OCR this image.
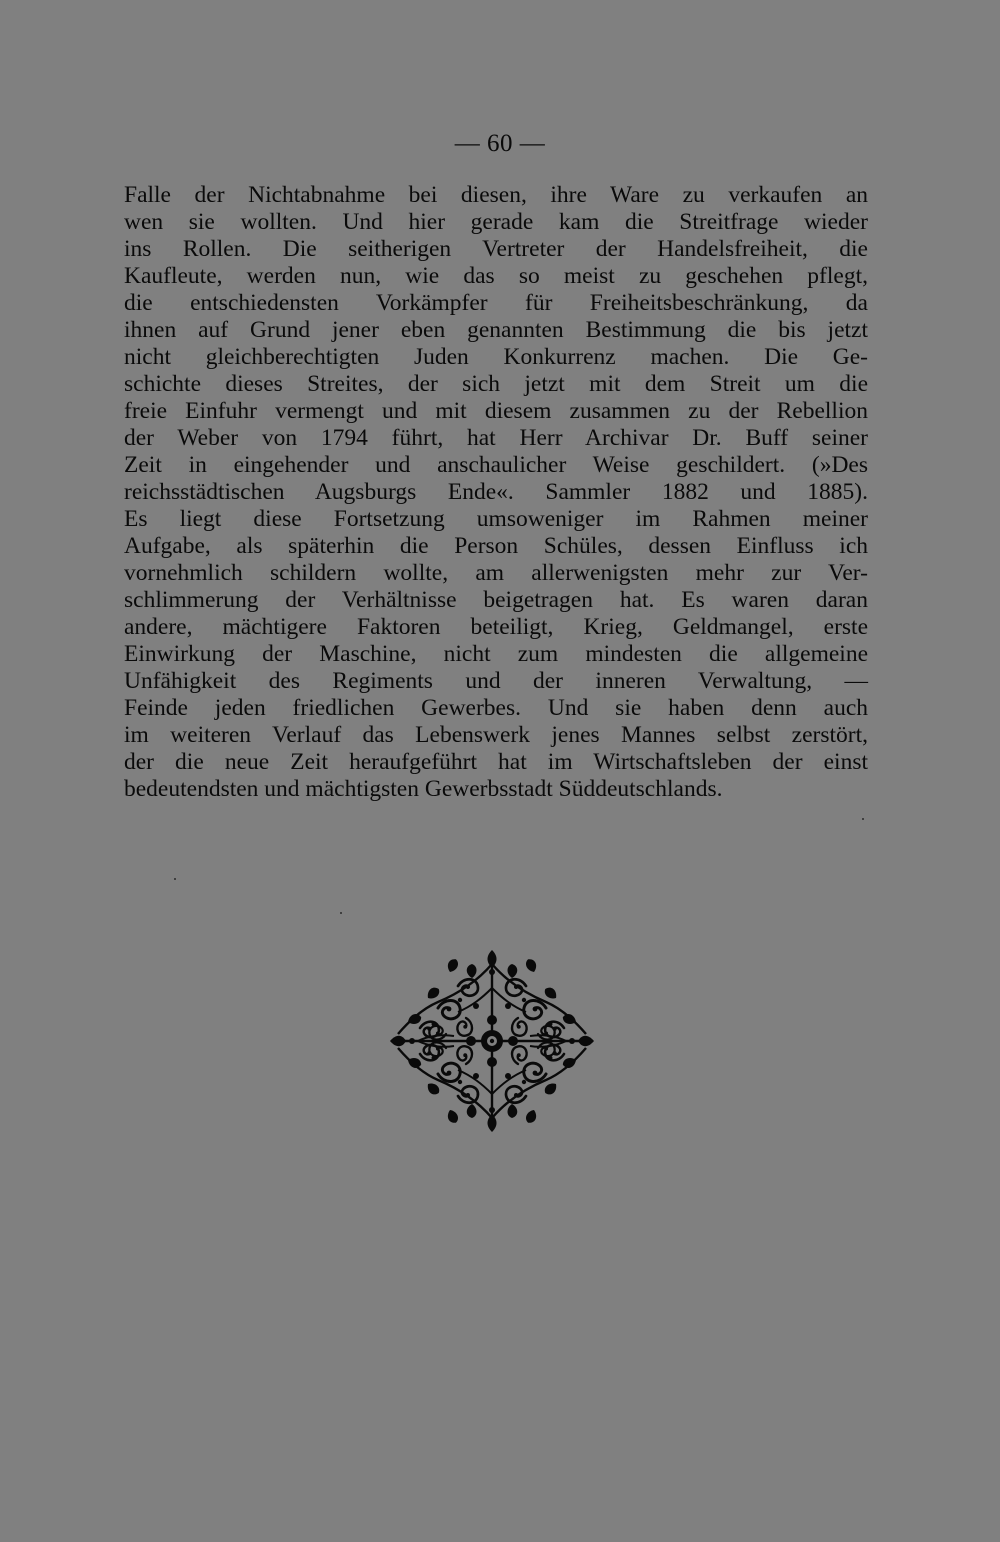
— 60 —
Falle der Nichtabnahme bei diesen, ihre Ware zu verkaufen an
wen sie wollten. Und hier gerade kam die Streitfrage wieder
ins Rollen. Die seitherigen Vertreter der Handelsfreiheit, die
Kaufleute, werden nun, wie das so meist zu geschehen pflegt,
die entschiedensten Vorkämpfer für Freiheitsbeschränkung, da
ihnen auf Grund jener eben genannten Bestimmung die bis jetzt
nicht gleichberechtigten Juden Konkurrenz machen. Die Ge-
schichte dieses Streites, der sich jetzt mit dem Streit um die
freie Einfuhr vermengt und mit diesem zusammen zu der Rebellion
der Weber von 1794 führt, hat Herr Archivar Dr. Buff seiner
Zeit in eingehender und anschaulicher Weise geschildert. (»Des
reichsstädtischen Augsburgs Ende«. Sammler 1882 und 1885).
Es liegt diese Fortsetzung umsoweniger im Rahmen meiner
Aufgabe, als späterhin die Person Schüles, dessen Einfluss ich
vornehmlich schildern wollte, am allerwenigsten mehr zur Ver-
schlimmerung der Verhältnisse beigetragen hat. Es waren daran
andere, mächtigere Faktoren beteiligt, Krieg, Geldmangel, erste
Einwirkung der Maschine, nicht zum mindesten die allgemeine
Unfähigkeit des Regiments und der inneren Verwaltung, —
Feinde jeden friedlichen Gewerbes. Und sie haben denn auch
im weiteren Verlauf das Lebenswerk jenes Mannes selbst zerstört,
der die neue Zeit heraufgeführt hat im Wirtschaftsleben der einst
bedeutendsten und mächtigsten Gewerbsstadt Süddeutschlands.
